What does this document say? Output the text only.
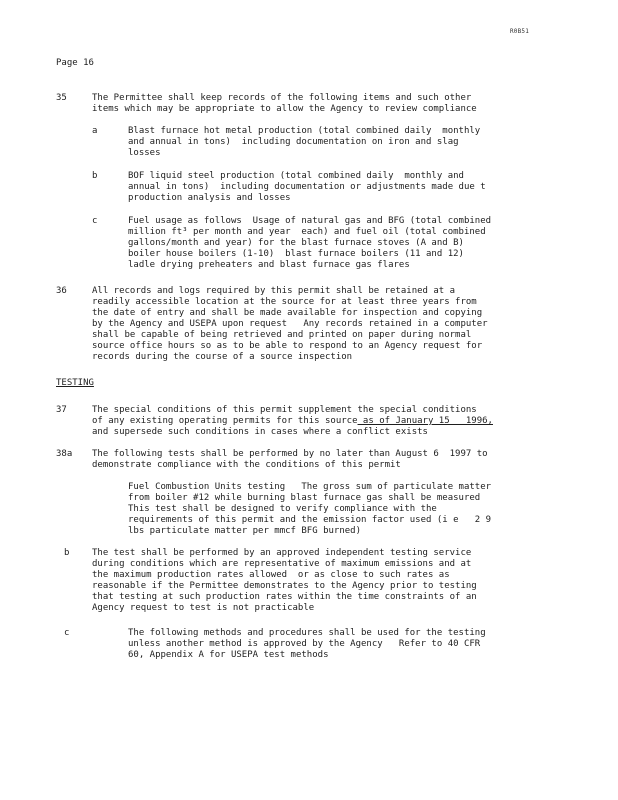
R0B51
Page 16
35	The Permittee shall keep records of the following items and such other
items which may be appropriate to allow the Agency to review compliance
a	Blast furnace hot metal production (total combined daily  monthly
and annual in tons)  including documentation on iron and slag
losses
b	BOF liquid steel production (total combined daily  monthly and
annual in tons)  including documentation or adjustments made due t
production analysis and losses
c	Fuel usage as follows  Usage of natural gas and BFG (total combined
million ft³ per month and year  each) and fuel oil (total combined
gallons/month and year) for the blast furnace stoves (A and B)
boiler house boilers (1-10)  blast furnace boilers (11 and 12)
ladle drying preheaters and blast furnace gas flares
36	All records and logs required by this permit shall be retained at a
readily accessible location at the source for at least three years from
the date of entry and shall be made available for inspection and copying
by the Agency and USEPA upon request   Any records retained in a computer
shall be capable of being retrieved and printed on paper during normal
source office hours so as to be able to respond to an Agency request for
records during the course of a source inspection
TESTING
37	The special conditions of this permit supplement the special conditions
of any existing operating permits for this source as of January 15   1996,
and supersede such conditions in cases where a conflict exists
38a The following tests shall be performed by no later than August 6  1997 to
demonstrate compliance with the conditions of this permit
Fuel Combustion Units testing   The gross sum of particulate matter
from boiler #12 while burning blast furnace gas shall be measured
This test shall be designed to verify compliance with the
requirements of this permit and the emission factor used (i e   2 9
lbs particulate matter per mmcf BFG burned)
b	The test shall be performed by an approved independent testing service
during conditions which are representative of maximum emissions and at
the maximum production rates allowed  or as close to such rates as
reasonable if the Permittee demonstrates to the Agency prior to testing
that testing at such production rates within the time constraints of an
Agency request to test is not practicable
c	The following methods and procedures shall be used for the testing
unless another method is approved by the Agency   Refer to 40 CFR
60, Appendix A for USEPA test methods
